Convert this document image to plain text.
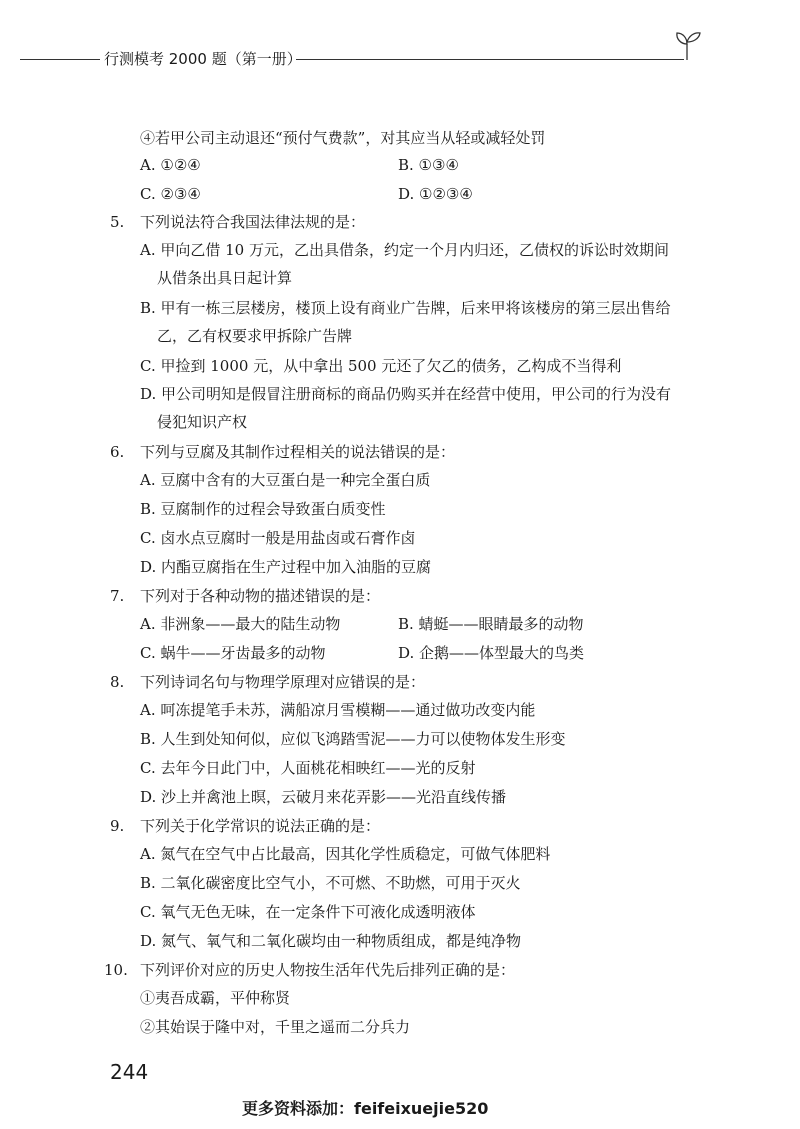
行测模考 2000 题（第一册）
④若甲公司主动退还“预付气费款”，对其应当从轻或减轻处罚
A. ①②④	B. ①③④
C. ②③④	D. ①②③④
5. 下列说法符合我国法律法规的是：
A. 甲向乙借 10 万元，乙出具借条，约定一个月内归还，乙债权的诉讼时效期间
从借条出具日起计算
B. 甲有一栋三层楼房，楼顶上设有商业广告牌，后来甲将该楼房的第三层出售给
乙，乙有权要求甲拆除广告牌
C. 甲捡到 1000 元，从中拿出 500 元还了欠乙的债务，乙构成不当得利
D. 甲公司明知是假冒注册商标的商品仍购买并在经营中使用，甲公司的行为没有
侵犯知识产权
6. 下列与豆腐及其制作过程相关的说法错误的是：
A. 豆腐中含有的大豆蛋白是一种完全蛋白质
B. 豆腐制作的过程会导致蛋白质变性
C. 卤水点豆腐时一般是用盐卤或石膏作卤
D. 内酯豆腐指在生产过程中加入油脂的豆腐
7. 下列对于各种动物的描述错误的是：
A. 非洲象——最大的陆生动物	B. 蜻蜓——眼睛最多的动物
C. 蜗牛——牙齿最多的动物	D. 企鹅——体型最大的鸟类
8. 下列诗词名句与物理学原理对应错误的是：
A. 呵冻提笔手未苏，满船凉月雪模糊——通过做功改变内能
B. 人生到处知何似，应似飞鸿踏雪泥——力可以使物体发生形变
C. 去年今日此门中，人面桃花相映红——光的反射
D. 沙上并禽池上暝，云破月来花弄影——光沿直线传播
9. 下列关于化学常识的说法正确的是：
A. 氮气在空气中占比最高，因其化学性质稳定，可做气体肥料
B. 二氧化碳密度比空气小，不可燃、不助燃，可用于灭火
C. 氧气无色无味，在一定条件下可液化成透明液体
D. 氮气、氧气和二氧化碳均由一种物质组成，都是纯净物
10. 下列评价对应的历史人物按生活年代先后排列正确的是：
①夷吾成霸，平仲称贤
②其始误于隆中对，千里之遥而二分兵力
244
更多资料添加：feifeixuejie520
